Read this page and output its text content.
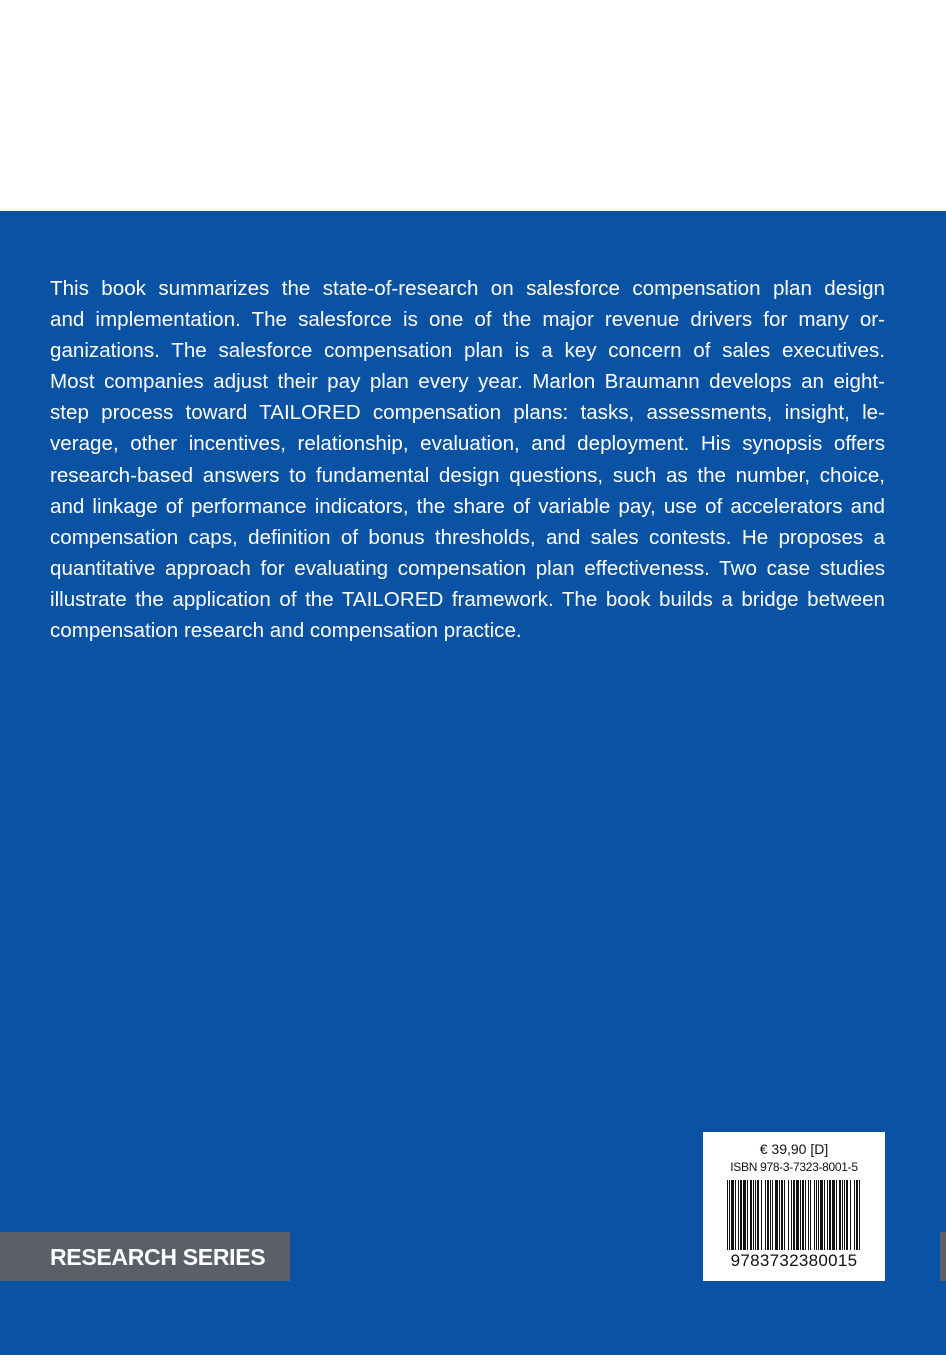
This book summarizes the state-of-research on salesforce compensation plan design
and implementation. The salesforce is one of the major revenue drivers for many or-
ganizations. The salesforce compensation plan is a key concern of sales executives.
Most companies adjust their pay plan every year. Marlon Braumann develops an eight-
step process toward TAILORED compensation plans: tasks, assessments, insight, le-
verage, other incentives, relationship, evaluation, and deployment. His synopsis offers
research-based answers to fundamental design questions, such as the number, choice,
and linkage of performance indicators, the share of variable pay, use of accelerators and
compensation caps, definition of bonus thresholds, and sales contests. He proposes a
quantitative approach for evaluating compensation plan effectiveness. Two case studies
illustrate the application of the TAILORED framework. The book builds a bridge between
compensation research and compensation practice.
RESEARCH SERIES
€ 39,90 [D]
ISBN 978-3-7323-8001-5
9783732380015
